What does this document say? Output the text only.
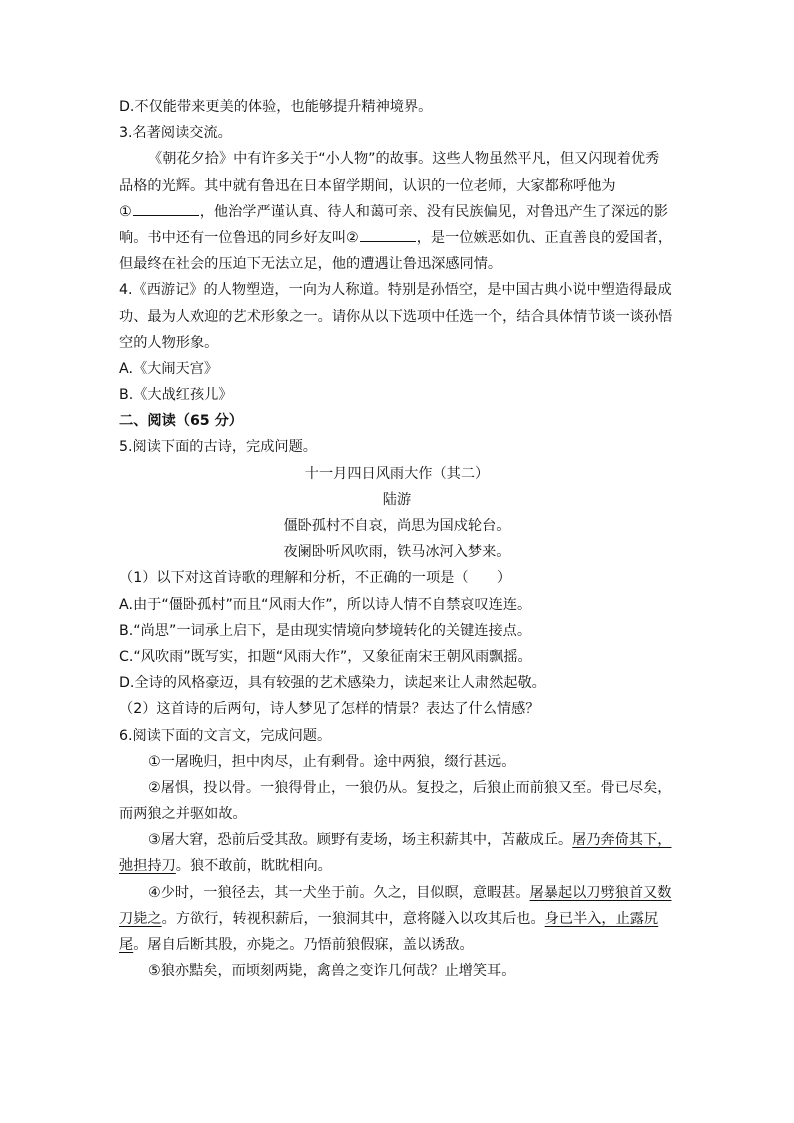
D.不仅能带来更美的体验，也能够提升精神境界。
3.名著阅读交流。
《朝花夕拾》中有许多关于“小人物”的故事。这些人物虽然平凡，但又闪现着优秀
品格的光辉。其中就有鲁迅在日本留学期间，认识的一位老师，大家都称呼他为
①	，他治学严谨认真、待人和蔼可亲、没有民族偏见，对鲁迅产生了深远的影
响。书中还有一位鲁迅的同乡好友叫②	，是一位嫉恶如仇、正直善良的爱国者，
但最终在社会的压迫下无法立足，他的遭遇让鲁迅深感同情。
4.《西游记》的人物塑造，一向为人称道。特别是孙悟空，是中国古典小说中塑造得最成
功、最为人欢迎的艺术形象之一。请你从以下选项中任选一个，结合具体情节谈一谈孙悟
空的人物形象。
A.《大闹天宫》
B.《大战红孩儿》
二、阅读（65 分）
5.阅读下面的古诗，完成问题。
十一月四日风雨大作（其二）
陆游
僵卧孤村不自哀，尚思为国戍轮台。
夜阑卧听风吹雨，铁马冰河入梦来。
（1）以下对这首诗歌的理解和分析，不正确的一项是（　　）
A.由于“僵卧孤村”而且“风雨大作”，所以诗人情不自禁哀叹连连。
B.“尚思”一词承上启下，是由现实情境向梦境转化的关键连接点。
C.“风吹雨”既写实，扣题“风雨大作”，又象征南宋王朝风雨飘摇。
D.全诗的风格豪迈，具有较强的艺术感染力，读起来让人肃然起敬。
（2）这首诗的后两句，诗人梦见了怎样的情景？表达了什么情感？
6.阅读下面的文言文，完成问题。
①一屠晚归，担中肉尽，止有剩骨。途中两狼，缀行甚远。
②屠惧，投以骨。一狼得骨止，一狼仍从。复投之，后狼止而前狼又至。骨已尽矣，
而两狼之并驱如故。
③屠大窘，恐前后受其敌。顾野有麦场，场主积薪其中，苫蔽成丘。屠乃奔倚其下，
弛担持刀。狼不敢前，眈眈相向。
④少时，一狼径去，其一犬坐于前。久之，目似瞑，意暇甚。屠暴起以刀劈狼首又数
刀毙之。方欲行，转视积薪后，一狼洞其中，意将隧入以攻其后也。身已半入，止露尻
尾。屠自后断其股，亦毙之。乃悟前狼假寐，盖以诱敌。
⑤狼亦黠矣，而顷刻两毙，禽兽之变诈几何哉？止增笑耳。
